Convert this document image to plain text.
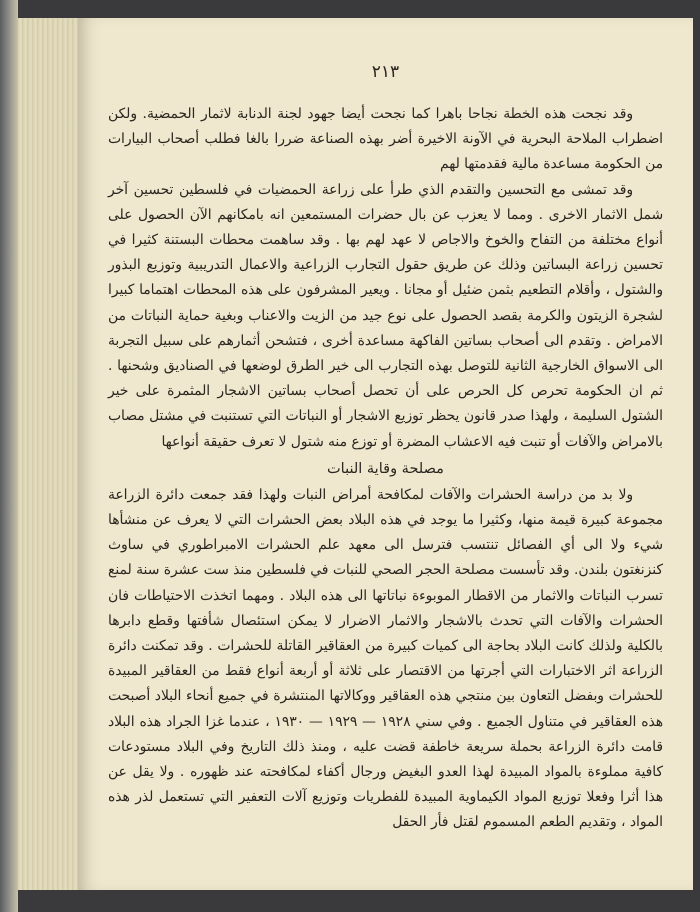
٢١٣

وقد نجحت هذه الخطة نجاحا باهرا كما نجحت أيضا جهود لجنة الدنابة لاثمار الحمضية. ولكن اضطراب الملاحة البحرية في الآونة الاخيرة أضر بهذه الصناعة ضررا بالغا فطلب أصحاب البيارات من الحكومة مساعدة مالية فقدمتها لهم

وقد تمشى مع التحسين والتقدم الذي طرأ على زراعة الحمضيات في فلسطين تحسين آخر شمل الاثمار الاخرى . ومما لا يعزب عن بال حضرات المستمعين انه بامكانهم الآن الحصول على أنواع مختلفة من التفاح والخوخ والاجاص لا عهد لهم بها . وقد ساهمت محطات البستنة كثيرا في تحسين زراعة البساتين وذلك عن طريق حقول التجارب الزراعية والاعمال التدريبية وتوزيع البذور والشتول ، وأقلام التطعيم بثمن ضئيل أو مجانا . ويعير المشرفون على هذه المحطات اهتماما كبيرا لشجرة الزيتون والكرمة بقصد الحصول على نوع جيد من الزيت والاعناب وبغية حماية النباتات من الامراض . وتقدم الى أصحاب بساتين الفاكهة مساعدة أخرى ، فتشحن أثمارهم على سبيل التجربة الى الاسواق الخارجية الثانية للتوصل بهذه التجارب الى خير الطرق لوضعها في الصناديق وشحنها . ثم ان الحكومة تحرص كل الحرص على أن تحصل أصحاب بساتين الاشجار المثمرة على خير الشتول السليمة ، ولهذا صدر قانون يحظر توزيع الاشجار أو النباتات التي تستنبت في مشتل مصاب بالامراض والآفات أو تنبت فيه الاعشاب المضرة أو توزع منه شتول لا تعرف حقيقة أنواعها

مصلحة وقاية النبات

ولا بد من دراسة الحشرات والآفات لمكافحة أمراض النبات ولهذا فقد جمعت دائرة الزراعة مجموعة كبيرة قيمة منها، وكثيرا ما يوجد في هذه البلاد بعض الحشرات التي لا يعرف عن منشأها شيء ولا الى أي الفصائل تنتسب فترسل الى معهد علم الحشرات الامبراطوري في ساوث كنزنغتون بلندن. وقد تأسست مصلحة الحجر الصحي للنبات في فلسطين منذ ست عشرة سنة لمنع تسرب النباتات والاثمار من الاقطار الموبوءة نباتاتها الى هذه البلاد . ومهما اتخذت الاحتياطات فان الحشرات والآفات التي تحدث بالاشجار والاثمار الاضرار لا يمكن استئصال شأفتها وقطع دابرها بالكلية ولذلك كانت البلاد بحاجة الى كميات كبيرة من العقاقير القاتلة للحشرات . وقد تمكنت دائرة الزراعة اثر الاختبارات التي أجرتها من الاقتصار على ثلاثة أو أربعة أنواع فقط من العقاقير المبيدة للحشرات وبفضل التعاون بين منتجي هذه العقاقير ووكالاتها المنتشرة في جميع أنحاء البلاد أصبحت هذه العقاقير في متناول الجميع . وفي سني ١٩٢٨ — ١٩٢٩ — ١٩٣٠ ، عندما غزا الجراد هذه البلاد قامت دائرة الزراعة بحملة سريعة خاطفة قضت عليه ، ومنذ ذلك التاريخ وفي البلاد مستودعات كافية مملوءة بالمواد المبيدة لهذا العدو البغيض ورجال أكفاء لمكافحته عند ظهوره . ولا يقل عن هذا أثرا وفعلا توزيع المواد الكيماوية المبيدة للفطريات وتوزيع آلات التعفير التي تستعمل لذر هذه المواد ، وتقديم الطعم المسموم لقتل فأر الحقل
